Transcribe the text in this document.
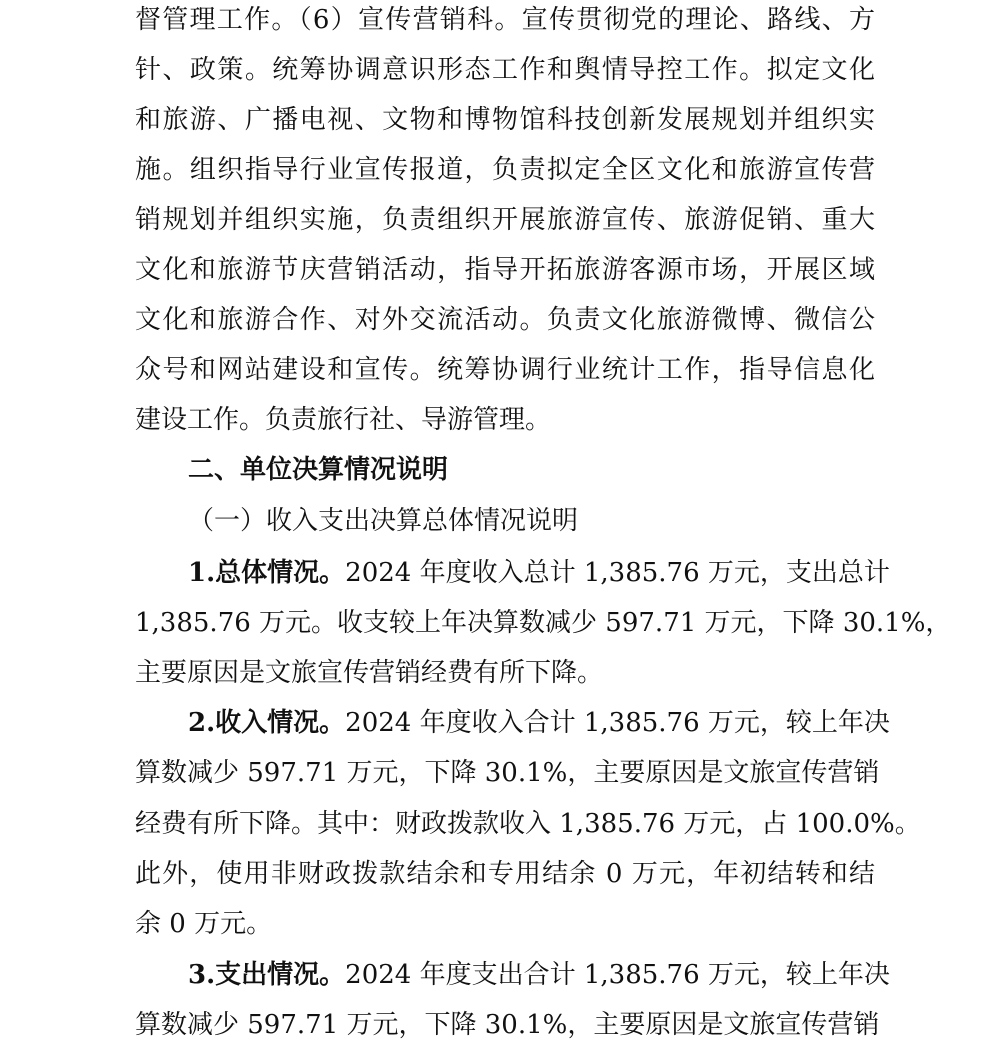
督管理工作。（6）宣传营销科。宣传贯彻党的理论、路线、方
针、政策。统筹协调意识形态工作和舆情导控工作。拟定文化
和旅游、广播电视、文物和博物馆科技创新发展规划并组织实
施。组织指导行业宣传报道，负责拟定全区文化和旅游宣传营
销规划并组织实施，负责组织开展旅游宣传、旅游促销、重大
文化和旅游节庆营销活动，指导开拓旅游客源市场，开展区域
文化和旅游合作、对外交流活动。负责文化旅游微博、微信公
众号和网站建设和宣传。统筹协调行业统计工作，指导信息化
建设工作。负责旅行社、导游管理。
二、单位决算情况说明
（一）收入支出决算总体情况说明
1.总体情况。2024 年度收入总计 1,385.76 万元，支出总计
1,385.76 万元。收支较上年决算数减少 597.71 万元，下降 30.1%，
主要原因是文旅宣传营销经费有所下降。
2.收入情况。2024 年度收入合计 1,385.76 万元，较上年决
算数减少 597.71 万元，下降 30.1%，主要原因是文旅宣传营销
经费有所下降。其中：财政拨款收入 1,385.76 万元，占 100.0%。
此外，使用非财政拨款结余和专用结余 0 万元，年初结转和结
余 0 万元。
3.支出情况。2024 年度支出合计 1,385.76 万元，较上年决
算数减少 597.71 万元，下降 30.1%，主要原因是文旅宣传营销
